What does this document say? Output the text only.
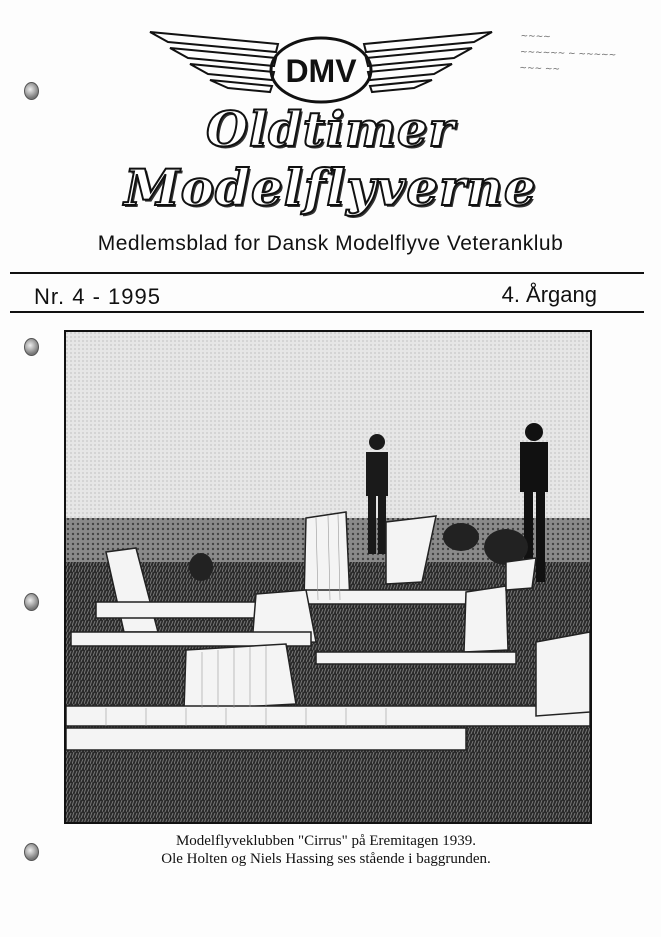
~~~~
~~~~~~ ~ ~~~~~
~~~ ~~
DMV
Oldtimer
Modelflyverne
Medlemsblad for Dansk Modelflyve Veteranklub
Nr. 4 - 1995	4. Årgang
Modelflyveklubben "Cirrus" på Eremitagen 1939.
Ole Holten og Niels Hassing ses stående i baggrunden.
